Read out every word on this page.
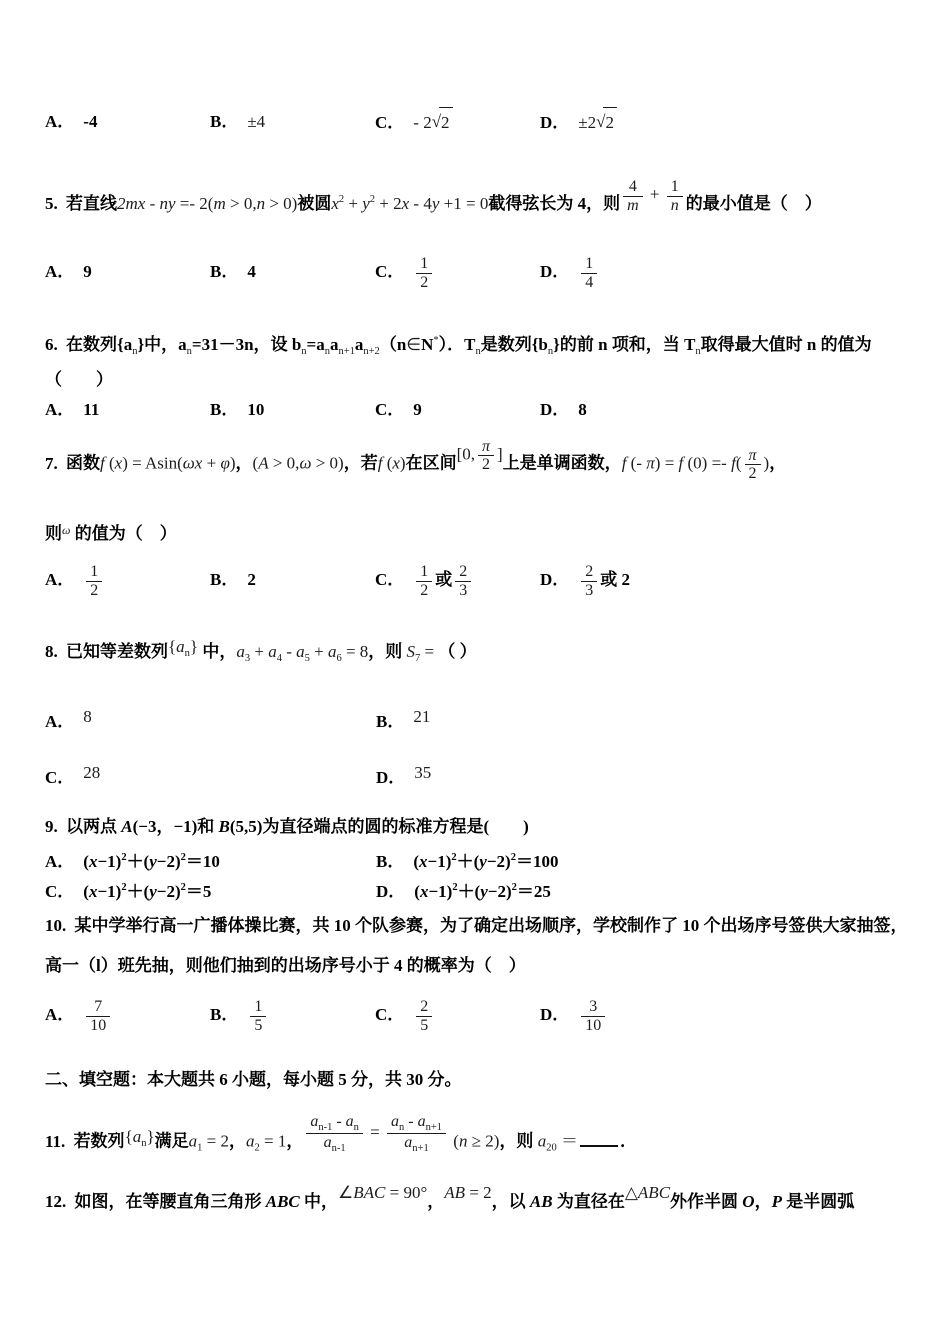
A． -4	B． ±4	C． - 2√2	D． ±2√2
5. 若直线2mx - ny =- 2(m > 0,n > 0)被圆$x^2 + y^2 + 2x - 4y +1 = 0$截得弦长为 4，则 $\frac{4}{m} + \frac{1}{n}$ 的最小值是（　）
A． 9	B． 4	C． $\frac{1}{2}$	D． $\frac{1}{4}$
6. 在数列$\{a_n\}$中，$a_n=31-3n$，设 $b_n=a_na_{n+1}a_{n+2}(n\in N^*)$．$T_n$是数列$\{b_n\}$的前 n 项和，当 $T_n$取得最大值时 n 的值为
（　　）
A． 11	B． 10	C． 9	D． 8
7. 函数f (x) = Asin(ωx + φ)，(A > 0,ω > 0)，若f (x)在区间[0, $\frac{\pi}{2}$ ]上是单调函数，f (- π) = f $(0) =- f( \frac{\pi}{2}$ )，
则$^\omega$ 的值为（　）
A． $\frac{1}{2}$	B． 2	C． $\frac{1}{2}$ 或 $\frac{2}{3}$	D． $\frac{2}{3}$ 或 2
8. 已知等差数列$\{a_n\}$ 中，$a_3 + a_4 - a_5 + a_6 = 8$，则 $S_7$ = （ ）
A． 8	B． 21
C． 28	D． 35
9. 以两点 A(−3，−1)和 B(5,5)为直径端点的圆的标准方程是(　　)
A． $(x-1)^2+(y-2)^2=10$	B． $(x-1)^2+(y-2)^2=100$
C． $(x-1)^2+(y-2)^2=5$	D． $(x-1)^2+(y-2)^2=25$
10. 某中学举行高一广播体操比赛，共 10 个队参赛，为了确定出场顺序，学校制作了 10 个出场序号签供大家抽签，
高一（l）班先抽，则他们抽到的出场序号小于 4 的概率为（　）
A． $\frac{7}{10}$	B． $\frac{1}{5}$	C． $\frac{2}{5}$	D． $\frac{3}{10}$
二、填空题：本大题共 6 小题，每小题 5 分，共 30 分。
11. 若数列$\{a_n\}$满足$a_1 = 2$，$a_2 = 1$， $\frac{a_{n-1} - a_n}{a_{n-1}} = \frac{a_n - a_{n+1}}{a_{n+1}} (n \ge 2)$，则 $a_{20}$ ＝ ．
12. 如图，在等腰直角三角形 ABC 中，∠BAC = 90°，AB = 2，以 AB 为直径在△ABC外作半圆 O，P 是半圆弧
